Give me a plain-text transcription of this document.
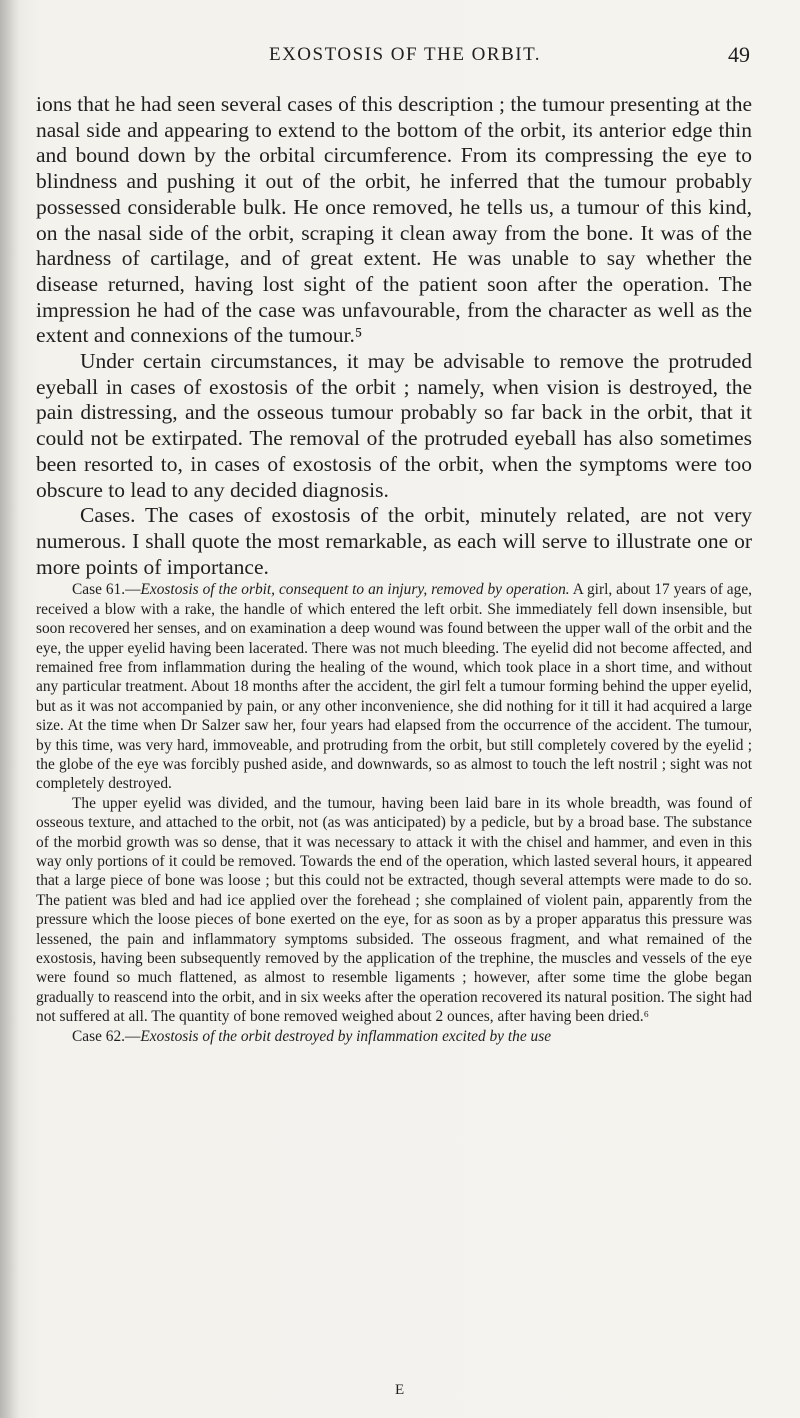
EXOSTOSIS OF THE ORBIT.	49

ions that he had seen several cases of this description ; the tumour presenting at the nasal side and appearing to extend to the bottom of the orbit, its anterior edge thin and bound down by the orbital circumference. From its compressing the eye to blindness and pushing it out of the orbit, he inferred that the tumour probably possessed considerable bulk. He once removed, he tells us, a tumour of this kind, on the nasal side of the orbit, scraping it clean away from the bone. It was of the hardness of cartilage, and of great extent. He was unable to say whether the disease returned, having lost sight of the patient soon after the operation. The impression he had of the case was unfavourable, from the character as well as the extent and connexions of the tumour.⁵

Under certain circumstances, it may be advisable to remove the protruded eyeball in cases of exostosis of the orbit ; namely, when vision is destroyed, the pain distressing, and the osseous tumour probably so far back in the orbit, that it could not be extirpated. The removal of the protruded eyeball has also sometimes been resorted to, in cases of exostosis of the orbit, when the symptoms were too obscure to lead to any decided diagnosis.

Cases. The cases of exostosis of the orbit, minutely related, are not very numerous. I shall quote the most remarkable, as each will serve to illustrate one or more points of importance.

Case 61.—Exostosis of the orbit, consequent to an injury, removed by operation. A girl, about 17 years of age, received a blow with a rake, the handle of which entered the left orbit. She immediately fell down insensible, but soon recovered her senses, and on examination a deep wound was found between the upper wall of the orbit and the eye, the upper eyelid having been lacerated. There was not much bleeding. The eyelid did not become affected, and remained free from inflammation during the healing of the wound, which took place in a short time, and without any particular treatment. About 18 months after the accident, the girl felt a tumour forming behind the upper eyelid, but as it was not accompanied by pain, or any other inconvenience, she did nothing for it till it had acquired a large size. At the time when Dr Salzer saw her, four years had elapsed from the occurrence of the accident. The tumour, by this time, was very hard, immoveable, and protruding from the orbit, but still completely covered by the eyelid ; the globe of the eye was forcibly pushed aside, and downwards, so as almost to touch the left nostril ; sight was not completely destroyed.

The upper eyelid was divided, and the tumour, having been laid bare in its whole breadth, was found of osseous texture, and attached to the orbit, not (as was anticipated) by a pedicle, but by a broad base. The substance of the morbid growth was so dense, that it was necessary to attack it with the chisel and hammer, and even in this way only portions of it could be removed. Towards the end of the operation, which lasted several hours, it appeared that a large piece of bone was loose ; but this could not be extracted, though several attempts were made to do so. The patient was bled and had ice applied over the forehead ; she complained of violent pain, apparently from the pressure which the loose pieces of bone exerted on the eye, for as soon as by a proper apparatus this pressure was lessened, the pain and inflammatory symptoms subsided. The osseous fragment, and what remained of the exostosis, having been subsequently removed by the application of the trephine, the muscles and vessels of the eye were found so much flattened, as almost to resemble ligaments ; however, after some time the globe began gradually to reascend into the orbit, and in six weeks after the operation recovered its natural position. The sight had not suffered at all. The quantity of bone removed weighed about 2 ounces, after having been dried.⁶

Case 62.—Exostosis of the orbit destroyed by inflammation excited by the use

E
